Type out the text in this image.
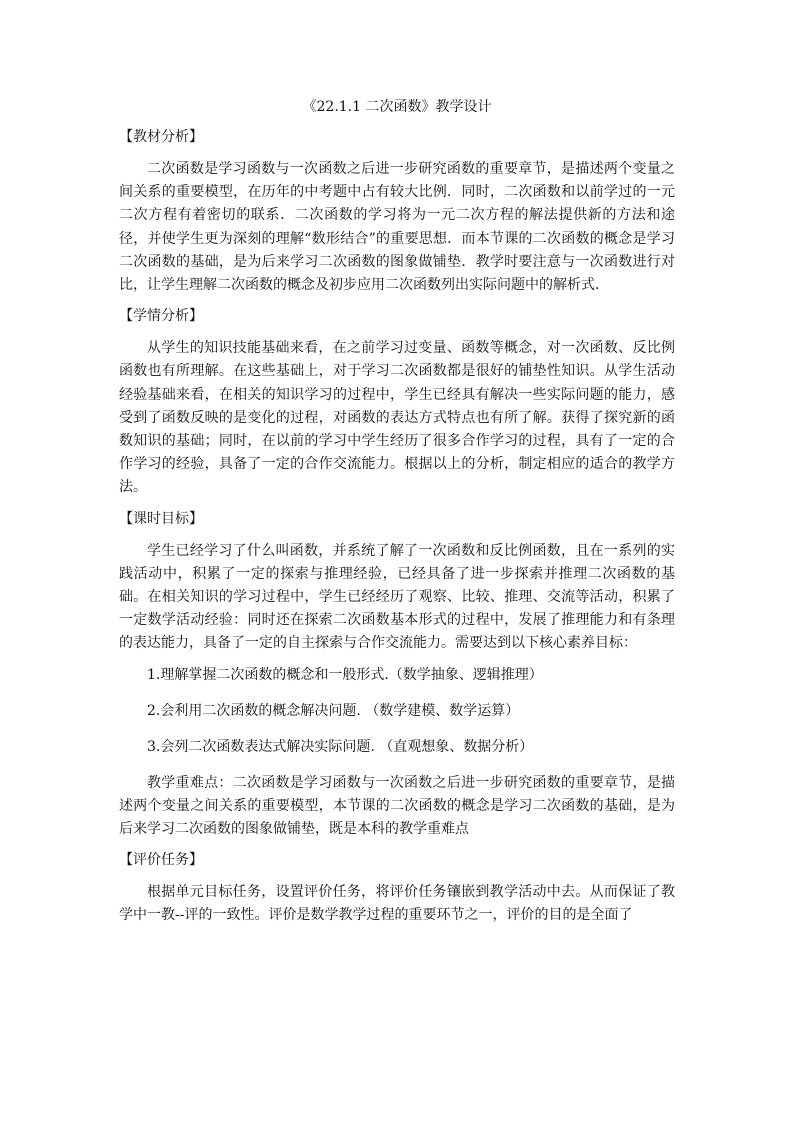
《22.1.1 二次函数》教学设计
【教材分析】

二次函数是学习函数与一次函数之后进一步研究函数的重要章节，是描述两个变量之间关系的重要模型，在历年的中考题中占有较大比例．同时，二次函数和以前学过的一元二次方程有着密切的联系．二次函数的学习将为一元二次方程的解法提供新的方法和途径，并使学生更为深刻的理解“数形结合”的重要思想．而本节课的二次函数的概念是学习二次函数的基础，是为后来学习二次函数的图象做铺垫．教学时要注意与一次函数进行对比，让学生理解二次函数的概念及初步应用二次函数列出实际问题中的解析式．

【学情分析】

从学生的知识技能基础来看，在之前学习过变量、函数等概念，对一次函数、反比例函数也有所理解。在这些基础上，对于学习二次函数都是很好的铺垫性知识。从学生活动经验基础来看，在相关的知识学习的过程中，学生已经具有解决一些实际问题的能力，感受到了函数反映的是变化的过程，对函数的表达方式特点也有所了解。获得了探究新的函数知识的基础；同时，在以前的学习中学生经历了很多合作学习的过程，具有了一定的合作学习的经验，具备了一定的合作交流能力。根据以上的分析，制定相应的适合的教学方法。

【课时目标】

学生已经学习了什么叫函数，并系统了解了一次函数和反比例函数，且在一系列的实践活动中，积累了一定的探索与推理经验，已经具备了进一步探索并推理二次函数的基础。在相关知识的学习过程中，学生已经经历了观察、比较、推理、交流等活动，积累了一定数学活动经验：同时还在探索二次函数基本形式的过程中，发展了推理能力和有条理的表达能力，具备了一定的自主探索与合作交流能力。需要达到以下核心素养目标：

1.理解掌握二次函数的概念和一般形式.（数学抽象、逻辑推理）
2.会利用二次函数的概念解决问题. （数学建模、数学运算）
3.会列二次函数表达式解决实际问题. （直观想象、数据分析）

教学重难点：二次函数是学习函数与一次函数之后进一步研究函数的重要章节，是描述两个变量之间关系的重要模型，本节课的二次函数的概念是学习二次函数的基础，是为后来学习二次函数的图象做铺垫，既是本科的教学重难点

【评价任务】

根据单元目标任务，设置评价任务，将评价任务镶嵌到教学活动中去。从而保证了教学中一教--评的一致性。评价是数学教学过程的重要环节之一，评价的目的是全面了
